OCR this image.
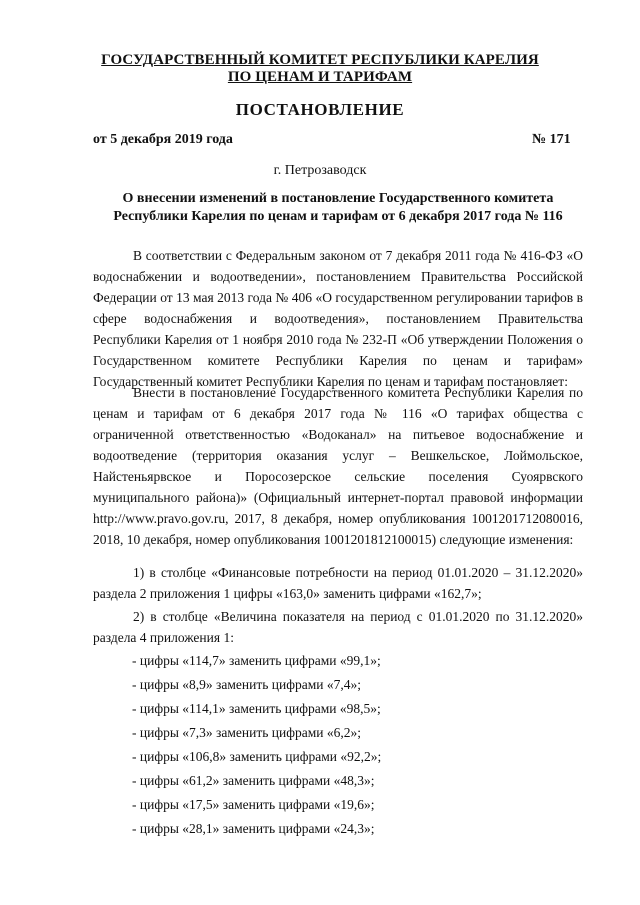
ГОСУДАРСТВЕННЫЙ КОМИТЕТ РЕСПУБЛИКИ КАРЕЛИЯ
ПО ЦЕНАМ И ТАРИФАМ
ПОСТАНОВЛЕНИЕ
от 5 декабря 2019 года	№ 171
г. Петрозаводск
О внесении изменений в постановление Государственного комитета Республики Карелия по ценам и тарифам от 6 декабря 2017 года № 116

В соответствии с Федеральным законом от 7 декабря 2011 года № 416-ФЗ «О водоснабжении и водоотведении», постановлением Правительства Российской Федерации от 13 мая 2013 года № 406 «О государственном регулировании тарифов в сфере водоснабжения и водоотведения», постановлением Правительства Республики Карелия от 1 ноября 2010 года № 232-П «Об утверждении Положения о Государственном комитете Республики Карелия по ценам и тарифам» Государственный комитет Республики Карелия по ценам и тарифам постановляет:

Внести в постановление Государственного комитета Республики Карелия по ценам и тарифам от 6 декабря 2017 года № 116 «О тарифах общества с ограниченной ответственностью «Водоканал» на питьевое водоснабжение и водоотведение (территория оказания услуг – Вешкельское, Лоймольское, Найстеньярвское и Поросозерское сельские поселения Суоярвского муниципального района)» (Официальный интернет-портал правовой информации http://www.pravo.gov.ru, 2017, 8 декабря, номер опубликования 1001201712080016, 2018, 10 декабря, номер опубликования 1001201812100015) следующие изменения:

1) в столбце «Финансовые потребности на период 01.01.2020 – 31.12.2020» раздела 2 приложения 1 цифры «163,0» заменить цифрами «162,7»;

2) в столбце «Величина показателя на период с 01.01.2020 по 31.12.2020» раздела 4 приложения 1:

- цифры «114,7» заменить цифрами «99,1»;
- цифры «8,9» заменить цифрами «7,4»;
- цифры «114,1» заменить цифрами «98,5»;
- цифры «7,3» заменить цифрами «6,2»;
- цифры «106,8» заменить цифрами «92,2»;
- цифры «61,2» заменить цифрами «48,3»;
- цифры «17,5» заменить цифрами «19,6»;
- цифры «28,1» заменить цифрами «24,3»;
